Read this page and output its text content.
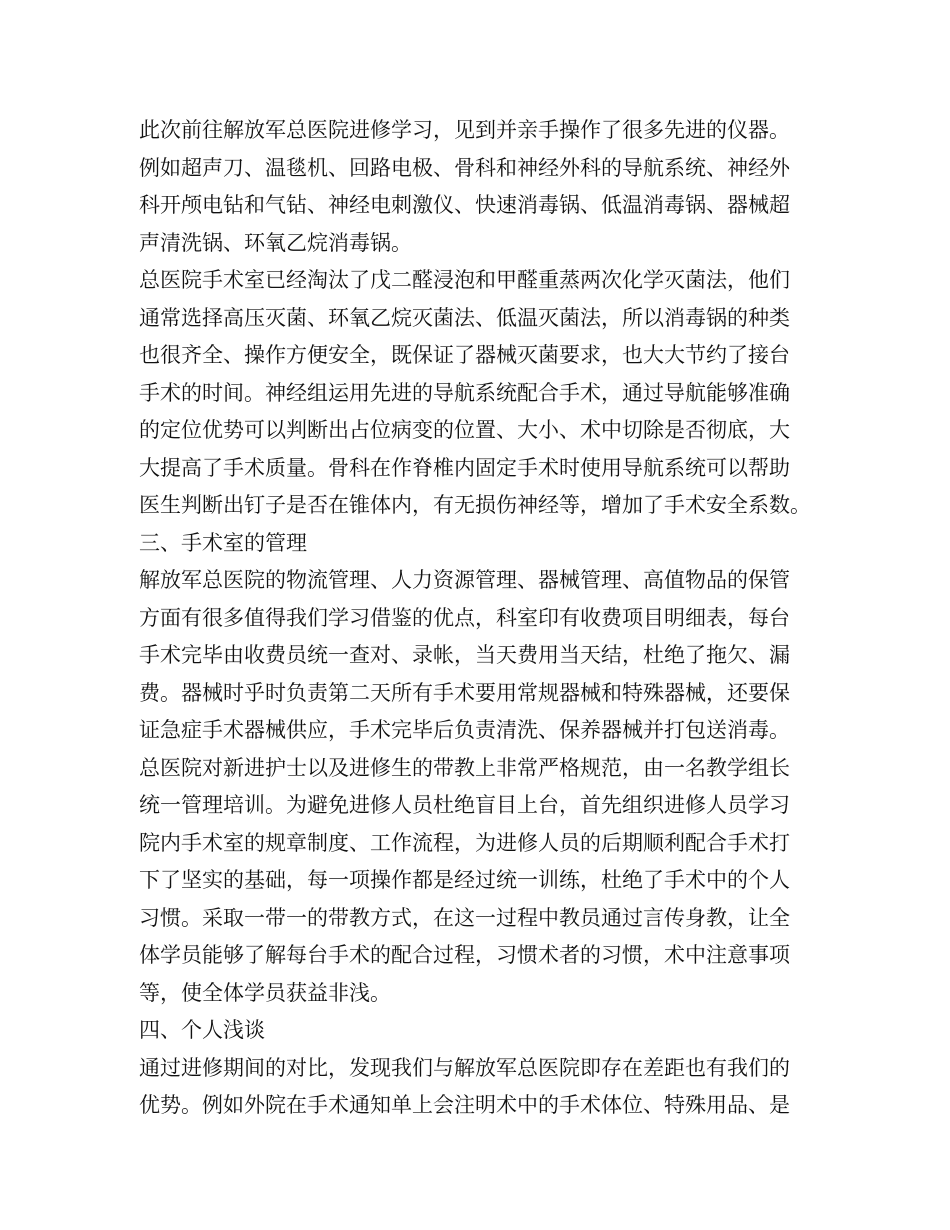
此次前往解放军总医院进修学习，见到并亲手操作了很多先进的仪器。
例如超声刀、温毯机、回路电极、骨科和神经外科的导航系统、神经外
科开颅电钻和气钻、神经电刺激仪、快速消毒锅、低温消毒锅、器械超
声清洗锅、环氧乙烷消毒锅。
总医院手术室已经淘汰了戊二醛浸泡和甲醛重蒸两次化学灭菌法，他们
通常选择高压灭菌、环氧乙烷灭菌法、低温灭菌法，所以消毒锅的种类
也很齐全、操作方便安全，既保证了器械灭菌要求，也大大节约了接台
手术的时间。神经组运用先进的导航系统配合手术，通过导航能够准确
的定位优势可以判断出占位病变的位置、大小、术中切除是否彻底，大
大提高了手术质量。骨科在作脊椎内固定手术时使用导航系统可以帮助
医生判断出钉子是否在锥体内，有无损伤神经等，增加了手术安全系数。
三、手术室的管理
解放军总医院的物流管理、人力资源管理、器械管理、高值物品的保管
方面有很多值得我们学习借鉴的优点，科室印有收费项目明细表，每台
手术完毕由收费员统一查对、录帐，当天费用当天结，杜绝了拖欠、漏
费。器械时乎时负责第二天所有手术要用常规器械和特殊器械，还要保
证急症手术器械供应，手术完毕后负责清洗、保养器械并打包送消毒。
总医院对新进护士以及进修生的带教上非常严格规范，由一名教学组长
统一管理培训。为避免进修人员杜绝盲目上台，首先组织进修人员学习
院内手术室的规章制度、工作流程，为进修人员的后期顺利配合手术打
下了坚实的基础，每一项操作都是经过统一训练，杜绝了手术中的个人
习惯。采取一带一的带教方式，在这一过程中教员通过言传身教，让全
体学员能够了解每台手术的配合过程，习惯术者的习惯，术中注意事项
等，使全体学员获益非浅。
四、个人浅谈
通过进修期间的对比，发现我们与解放军总医院即存在差距也有我们的
优势。例如外院在手术通知单上会注明术中的手术体位、特殊用品、是
